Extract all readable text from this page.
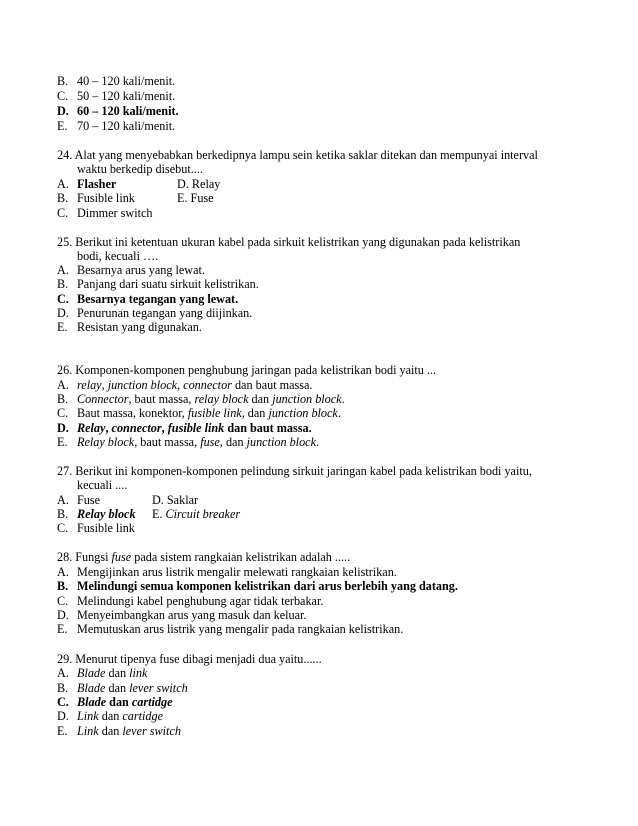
B. 40 – 120 kali/menit.
C. 50 – 120 kali/menit.
D. 60 – 120 kali/menit.
E. 70 – 120 kali/menit.
24. Alat yang menyebabkan berkedipnya lampu sein ketika saklar ditekan dan mempunyai interval
waktu berkedip disebut....
A. Flasher	D. Relay
B. Fusible link	E. Fuse
C. Dimmer switch
25. Berikut ini ketentuan ukuran kabel pada sirkuit kelistrikan yang digunakan pada kelistrikan
bodi, kecuali ….
A. Besarnya arus yang lewat.
B. Panjang dari suatu sirkuit kelistrikan.
C. Besarnya tegangan yang lewat.
D. Penurunan tegangan yang diijinkan.
E. Resistan yang digunakan.
26. Komponen-komponen penghubung jaringan pada kelistrikan bodi yaitu ...
A. relay, junction block, connector dan baut massa.
B. Connector, baut massa, relay block dan junction block.
C. Baut massa, konektor, fusible link, dan junction block.
D. Relay, connector, fusible link dan baut massa.
E. Relay block, baut massa, fuse, dan junction block.
27. Berikut ini komponen-komponen pelindung sirkuit jaringan kabel pada kelistrikan bodi yaitu,
kecuali ....
A. Fuse	D. Saklar
B. Relay block E. Circuit breaker
C. Fusible link
28. Fungsi fuse pada sistem rangkaian kelistrikan adalah .....
A. Mengijinkan arus listrik mengalir melewati rangkaian kelistrikan.
B. Melindungi semua komponen kelistrikan dari arus berlebih yang datang.
C. Melindungi kabel penghubung agar tidak terbakar.
D. Menyeimbangkan arus yang masuk dan keluar.
E. Memutuskan arus listrik yang mengalir pada rangkaian kelistrikan.
29. Menurut tipenya fuse dibagi menjadi dua yaitu......
A. Blade dan link
B. Blade dan lever switch
C. Blade dan cartidge
D. Link dan cartidge
E. Link dan lever switch
